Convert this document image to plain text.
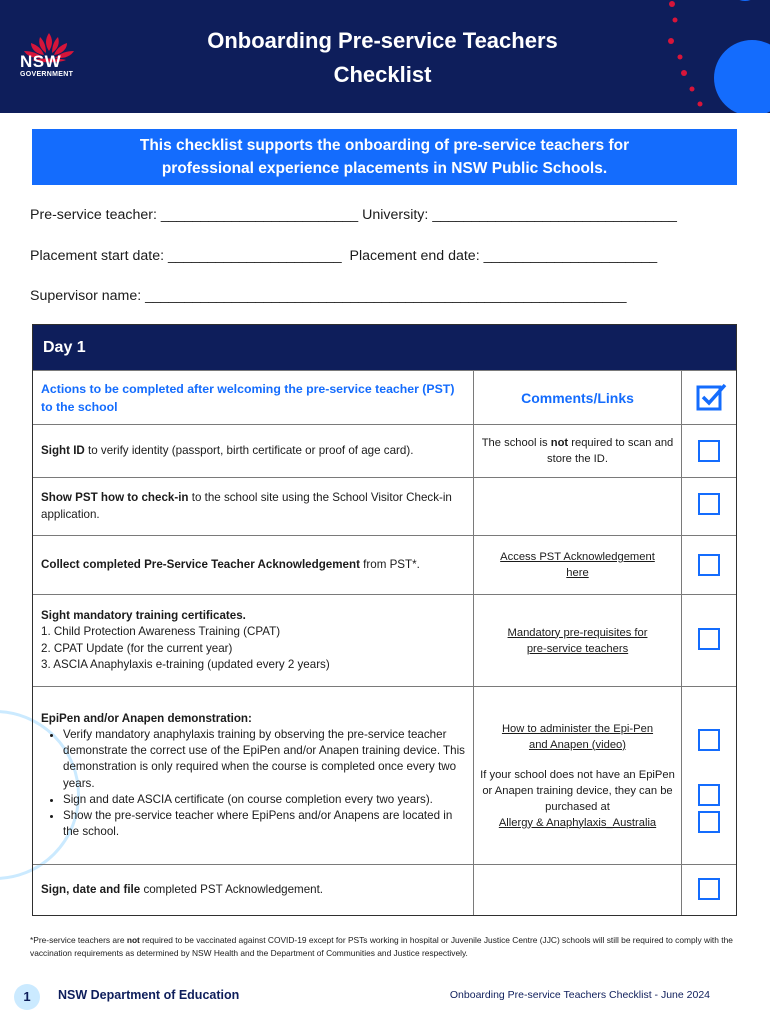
NSW
GOVERNMENT
Onboarding Pre-service Teachers
Checklist
This checklist supports the onboarding of pre-service teachers for
professional experience placements in NSW Public Schools.
Pre-service teacher: _________________________ University: _______________________________
Placement start date: ______________________ Placement end date: ______________________
Supervisor name: _____________________________________________________________
Day 1
Actions to be completed after welcoming the pre-service teacher (PST) to the school
Comments/Links
Sight ID to verify identity (passport, birth certificate or proof of age card).
The school is not required to scan and store the ID.
Show PST how to check-in to the school site using the School Visitor Check-in application.
Collect completed Pre-Service Teacher Acknowledgement from PST*.
Access PST Acknowledgement
here
Sight mandatory training certificates.
1. Child Protection Awareness Training (CPAT)
2. CPAT Update (for the current year)
3. ASCIA Anaphylaxis e-training (updated every 2 years)
Mandatory pre-requisites for
pre-service teachers
EpiPen and/or Anapen demonstration:
• Verify mandatory anaphylaxis training by observing the pre-service teacher demonstrate the correct use of the EpiPen and/or Anapen training device. This demonstration is only required when the course is completed once every two years.
• Sign and date ASCIA certificate (on course completion every two years).
• Show the pre-service teacher where EpiPens and/or Anapens are located in the school.
How to administer the Epi-Pen
and Anapen (video)
If your school does not have an EpiPen or Anapen training device, they can be purchased at
Allergy & Anaphylaxis_Australia
Sign, date and file completed PST Acknowledgement.
*Pre-service teachers are not required to be vaccinated against COVID-19 except for PSTs working in hospital or Juvenile Justice Centre (JJC) schools will still be required to comply with the vaccination requirements as determined by NSW Health and the Department of Communities and Justice respectively.
1	NSW Department of Education	Onboarding Pre-service Teachers Checklist - June 2024
